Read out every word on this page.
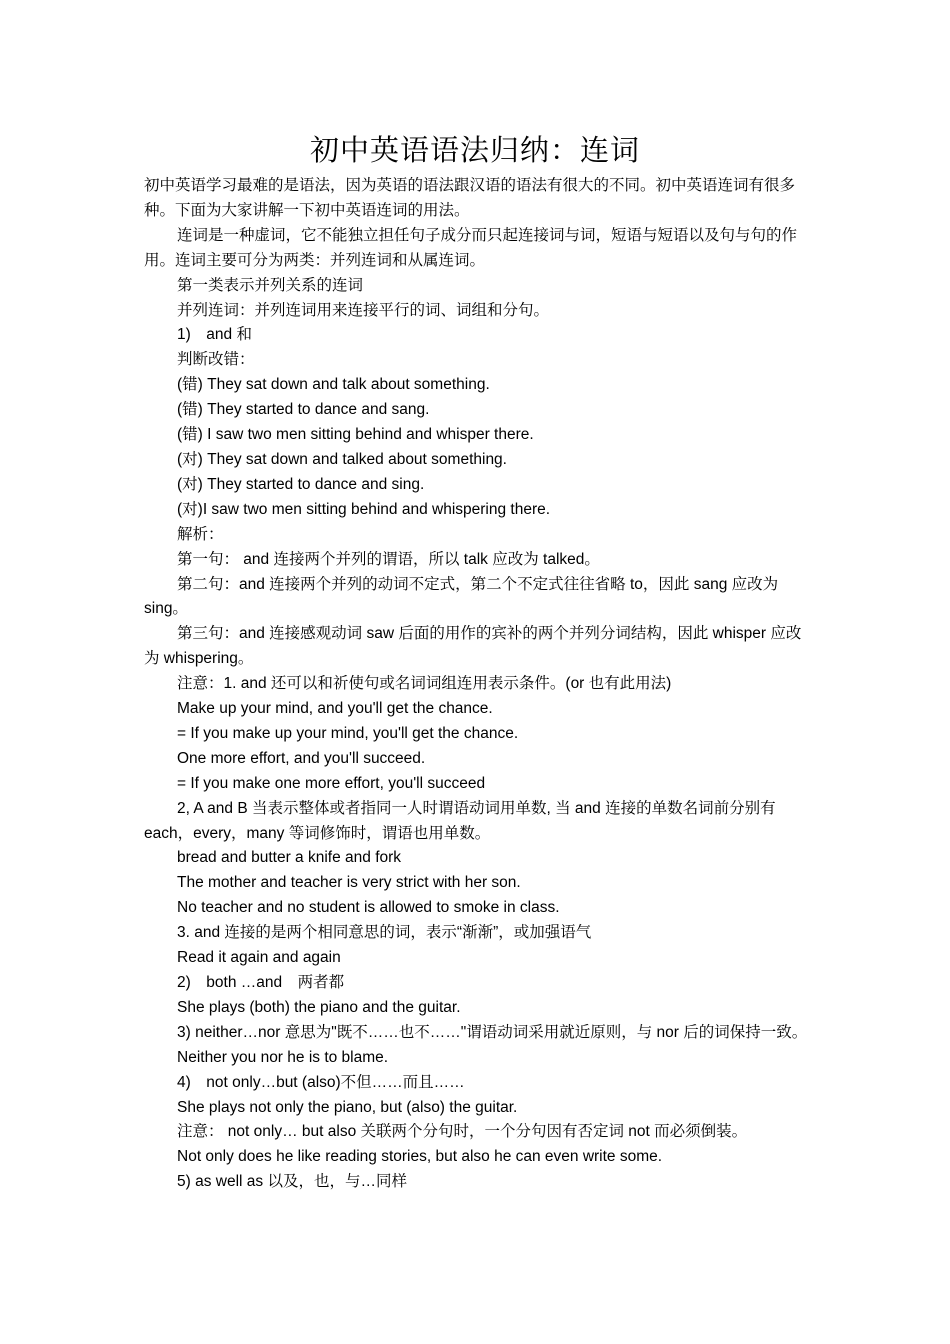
初中英语语法归纳：连词

初中英语学习最难的是语法，因为英语的语法跟汉语的语法有很大的不同。初中英语连词有很多种。下面为大家讲解一下初中英语连词的用法。

连词是一种虚词，它不能独立担任句子成分而只起连接词与词，短语与短语以及句与句的作用。连词主要可分为两类：并列连词和从属连词。

第一类表示并列关系的连词

并列连词：并列连词用来连接平行的词、词组和分句。

1)　and 和

判断改错：

(错) They sat down and talk about something.

(错) They started to dance and sang.

(错) I saw two men sitting behind and whisper there.

(对) They sat down and talked about something.

(对) They started to dance and sing.

(对)I saw two men sitting behind and whispering there.

解析：

第一句： and 连接两个并列的谓语，所以 talk 应改为 talked。

第二句：and 连接两个并列的动词不定式，第二个不定式往往省略 to，因此 sang 应改为 sing。

第三句：and 连接感观动词 saw 后面的用作的宾补的两个并列分词结构，因此 whisper 应改为 whispering。

注意：1. and 还可以和祈使句或名词词组连用表示条件。(or 也有此用法)

Make up your mind, and you'll get the chance.

= If you make up your mind, you'll get the chance.

One more effort, and you'll succeed.

= If you make one more effort, you'll succeed

2, A and B 当表示整体或者指同一人时谓语动词用单数, 当 and 连接的单数名词前分别有 each，every，many 等词修饰时，谓语也用单数。

bread and butter a knife and fork

The mother and teacher is very strict with her son.

No teacher and no student is allowed to smoke in class.

3. and 连接的是两个相同意思的词，表示“渐渐”，或加强语气

Read it again and again

2)　both …and　两者都

She plays (both) the piano and the guitar.

3) neither…nor 意思为"既不……也不……"谓语动词采用就近原则，与 nor 后的词保持一致。

Neither you nor he is to blame.

4)　not only…but (also)不但……而且……

She plays not only the piano, but (also) the guitar.

注意： not only… but also 关联两个分句时，一个分句因有否定词 not 而必须倒装。

Not only does he like reading stories, but also he can even write some.

5) as well as 以及，也，与…同样
